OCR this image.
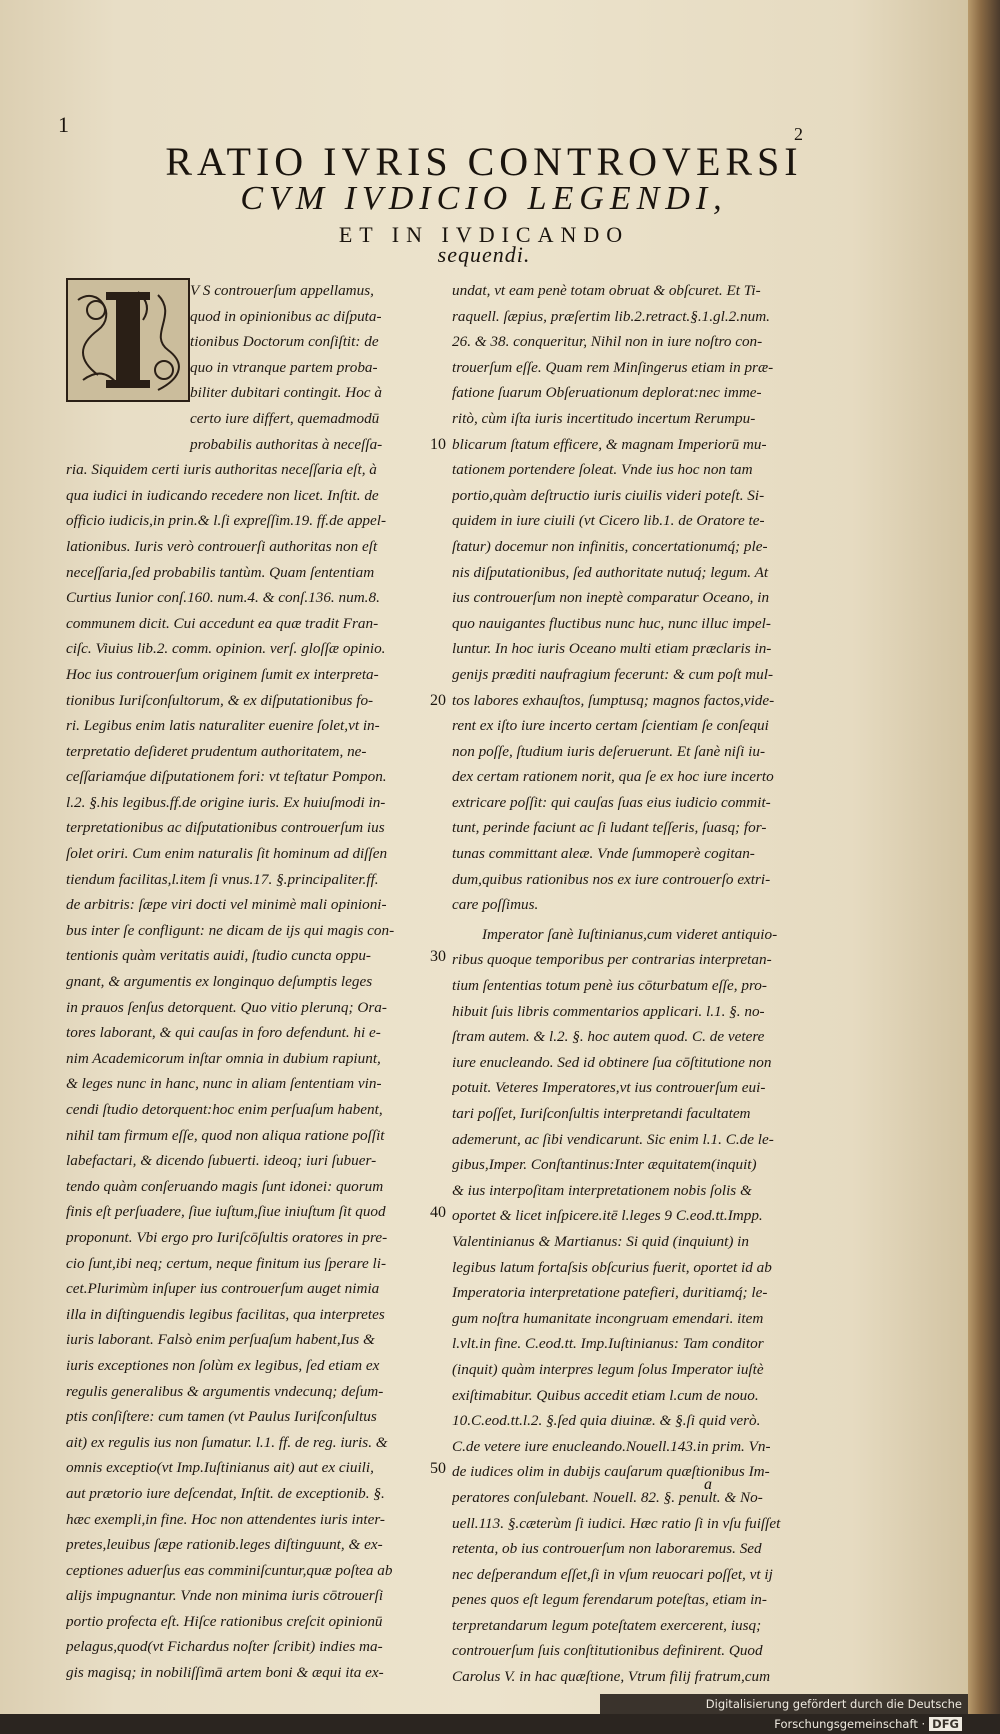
1	2
RATIO IVRIS CONTROVERSI
CVM IVDICIO LEGENDI,
ET IN IVDICANDO
sequendi.
V S controuerſum appellamus,
quod in opinionibus ac diſputa-
tionibus Doctorum conſiſtit: de
quo in vtranque partem proba-
biliter dubitari contingit. Hoc à
certo iure differt, quemadmodū
probabilis authoritas à neceſſa-
ria. Siquidem certi iuris authoritas neceſſaria eſt, à
qua iudici in iudicando recedere non licet. Inſtit. de
officio iudicis,in prin.& l.ſi expreſſim.19. ff.de appel-
lationibus. Iuris verò controuerſi authoritas non eſt
neceſſaria,ſed probabilis tantùm. Quam ſententiam
Curtius Iunior conſ.160. num.4. & conſ.136. num.8.
communem dicit. Cui accedunt ea quæ tradit Fran-
ciſc. Viuius lib.2. comm. opinion. verſ. gloſſæ opinio.
Hoc ius controuerſum originem ſumit ex interpreta-
tionibus Iuriſconſultorum, & ex diſputationibus fo-
ri. Legibus enim latis naturaliter euenire ſolet,vt in-
terpretatio deſideret prudentum authoritatem, ne-
ceſſariamq́ue diſputationem fori: vt teſtatur Pompon.
l.2. §.his legibus.ff.de origine iuris. Ex huiuſmodi in-
terpretationibus ac diſputationibus controuerſum ius
ſolet oriri. Cum enim naturalis ſit hominum ad diſſen
tiendum facilitas,l.item ſi vnus.17. §.principaliter.ff.
de arbitris: ſæpe viri docti vel minimè mali opinioni-
bus inter ſe confligunt: ne dicam de ijs qui magis con-
tentionis quàm veritatis auidi, ſtudio cuncta oppu-
gnant, & argumentis ex longinquo deſumptis leges
in prauos ſenſus detorquent. Quo vitio plerunq; Ora-
tores laborant, & qui cauſas in foro defendunt. hi e-
nim Academicorum inſtar omnia in dubium rapiunt,
& leges nunc in hanc, nunc in aliam ſententiam vin-
cendi ſtudio detorquent:hoc enim perſuaſum habent,
nihil tam firmum eſſe, quod non aliqua ratione poſſit
labefactari, & dicendo ſubuerti. ideoq; iuri ſubuer-
tendo quàm conſeruando magis ſunt idonei: quorum
finis eſt perſuadere, ſiue iuſtum,ſiue iniuſtum ſit quod
proponunt. Vbi ergo pro Iuriſcōſultis oratores in pre-
cio ſunt,ibi neq; certum, neque finitum ius ſperare li-
cet.Plurimùm inſuper ius controuerſum auget nimia
illa in diſtinguendis legibus facilitas, qua interpretes
iuris laborant. Falsò enim perſuaſum habent,Ius &
iuris exceptiones non ſolùm ex legibus, ſed etiam ex
regulis generalibus & argumentis vndecunq; deſum-
ptis conſiſtere: cum tamen (vt Paulus Iuriſconſultus
ait) ex regulis ius non ſumatur. l.1. ff. de reg. iuris. &
omnis exceptio(vt Imp.Iuſtinianus ait) aut ex ciuili,
aut prætorio iure deſcendat, Inſtit. de exceptionib. §.
hæc exempli,in fine. Hoc non attendentes iuris inter-
pretes,leuibus ſæpe rationib.leges diſtinguunt, & ex-
ceptiones aduerſus eas comminiſcuntur,quæ poſtea ab
alijs impugnantur. Vnde non minima iuris cōtrouerſi
portio profecta eſt. Hiſce rationibus creſcit opinionū
pelagus,quod(vt Fichardus noſter ſcribit) indies ma-
gis magisq; in nobiliſſimā artem boni & æqui ita ex-
undat, vt eam penè totam obruat & obſcuret. Et Ti-
raquell. ſæpius, præſertim lib.2.retract.§.1.gl.2.num.
26. & 38. conqueritur, Nihil non in iure noſtro con-
trouerſum eſſe. Quam rem Minſingerus etiam in præ-
fatione ſuarum Obſeruationum deplorat:nec imme-
ritò, cùm iſta iuris incertitudo incertum Rerumpu-
blicarum ſtatum efficere, & magnam Imperiorū mu-
tationem portendere ſoleat. Vnde ius hoc non tam
portio,quàm deſtructio iuris ciuilis videri poteſt. Si-
quidem in iure ciuili (vt Cicero lib.1. de Oratore te-
ſtatur) docemur non infinitis, concertationumq́; ple-
nis diſputationibus, ſed authoritate nutuq́; legum. At
ius controuerſum non ineptè comparatur Oceano, in
quo nauigantes fluctibus nunc huc, nunc illuc impel-
luntur. In hoc iuris Oceano multi etiam præclaris in-
genijs præditi naufragium fecerunt: & cum poſt mul-
tos labores exhauſtos, ſumptusq; magnos factos,vide-
rent ex iſto iure incerto certam ſcientiam ſe conſequi
non poſſe, ſtudium iuris deſeruerunt. Et ſanè niſi iu-
dex certam rationem norit, qua ſe ex hoc iure incerto
extricare poſſit: qui cauſas ſuas eius iudicio commit-
tunt, perinde faciunt ac ſi ludant teſſeris, ſuasq; for-
tunas committant aleæ. Vnde ſummoperè cogitan-
dum,quibus rationibus nos ex iure controuerſo extri-
care poſſimus.
Imperator ſanè Iuſtinianus,cum videret antiquio-
ribus quoque temporibus per contrarias interpretan-
tium ſententias totum penè ius cōturbatum eſſe, pro-
hibuit ſuis libris commentarios applicari. l.1. §. no-
ſtram autem. & l.2. §. hoc autem quod. C. de vetere
iure enucleando. Sed id obtinere ſua cōſtitutione non
potuit. Veteres Imperatores,vt ius controuerſum eui-
tari poſſet, Iuriſconſultis interpretandi facultatem
ademerunt, ac ſibi vendicarunt. Sic enim l.1. C.de le-
gibus,Imper. Conſtantinus:Inter æquitatem(inquit)
& ius interpoſitam interpretationem nobis ſolis &
oportet & licet inſpicere.itē l.leges 9 C.eod.tt.Impp.
Valentinianus & Martianus: Si quid (inquiunt) in
legibus latum fortaſsis obſcurius fuerit, oportet id ab
Imperatoria interpretatione patefieri, duritiamq́; le-
gum noſtra humanitate incongruam emendari. item
l.vlt.in fine. C.eod.tt. Imp.Iuſtinianus: Tam conditor
(inquit) quàm interpres legum ſolus Imperator iuſtè
exiſtimabitur. Quibus accedit etiam l.cum de nouo.
10.C.eod.tt.l.2. §.ſed quia diuinæ. & §.ſi quid verò.
C.de vetere iure enucleando.Nouell.143.in prim. Vn-
de iudices olim in dubijs cauſarum quæſtionibus Im-
peratores conſulebant. Nouell. 82. §. penult. & No-
uell.113. §.cæterùm ſi iudici. Hæc ratio ſi in vſu fuiſſet
retenta, ob ius controuerſum non laboraremus. Sed
nec deſperandum eſſet,ſi in vſum reuocari poſſet, vt ij
penes quos eſt legum ferendarum poteſtas, etiam in-
terpretandarum legum poteſtatem exercerent, iusq;
controuerſum ſuis conſtitutionibus definirent. Quod
Carolus V. in hac quæſtione, Vtrum filij fratrum,cum
10
20
30
40
50
a
Digitalisierung gefördert durch die Deutsche Forschungsgemeinschaft · DFG
